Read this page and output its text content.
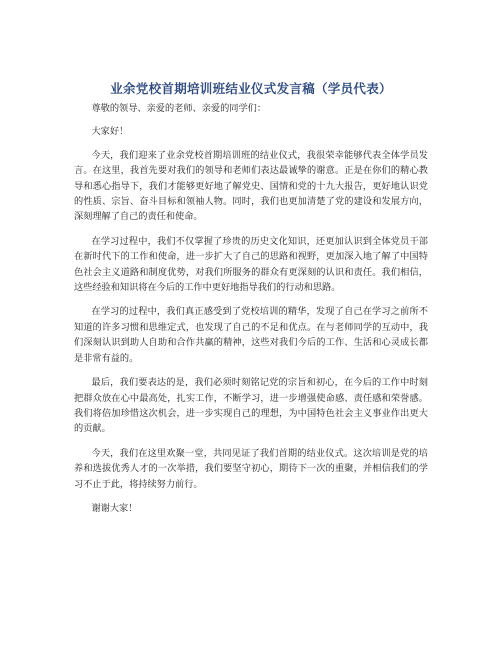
业余党校首期培训班结业仪式发言稿（学员代表）

尊敬的领导、亲爱的老师、亲爱的同学们：

大家好！

今天，我们迎来了业余党校首期培训班的结业仪式，我很荣幸能够代表全体学员发言。在这里，我首先要对我们的领导和老师们表达最诚挚的谢意。正是在你们的精心教导和悉心指导下，我们才能够更好地了解党史、国情和党的十九大报告，更好地认识党的性质、宗旨、奋斗目标和领袖人物。同时，我们也更加清楚了党的建设和发展方向，深刻理解了自己的责任和使命。

在学习过程中，我们不仅掌握了珍贵的历史文化知识，还更加认识到全体党员干部在新时代下的工作和使命，进一步扩大了自己的思路和视野，更加深入地了解了中国特色社会主义道路和制度优势，对我们所服务的群众有更深刻的认识和责任。我们相信，这些经验和知识将在今后的工作中更好地指导我们的行动和思路。

在学习的过程中，我们真正感受到了党校培训的精华，发现了自己在学习之前所不知道的许多习惯和思维定式，也发现了自己的不足和优点。在与老师同学的互动中，我们深刻认识到助人自助和合作共赢的精神，这些对我们今后的工作、生活和心灵成长都是非常有益的。

最后，我们要表达的是，我们必须时刻铭记党的宗旨和初心，在今后的工作中时刻把群众放在心中最高处，扎实工作，不断学习，进一步增强使命感、责任感和荣誉感。我们将倍加珍惜这次机会，进一步实现自己的理想，为中国特色社会主义事业作出更大的贡献。

今天，我们在这里欢聚一堂，共同见证了我们首期的结业仪式。这次培训是党的培养和选拔优秀人才的一次举措，我们要坚守初心，期待下一次的重聚，并相信我们的学习不止于此，将持续努力前行。

谢谢大家！
